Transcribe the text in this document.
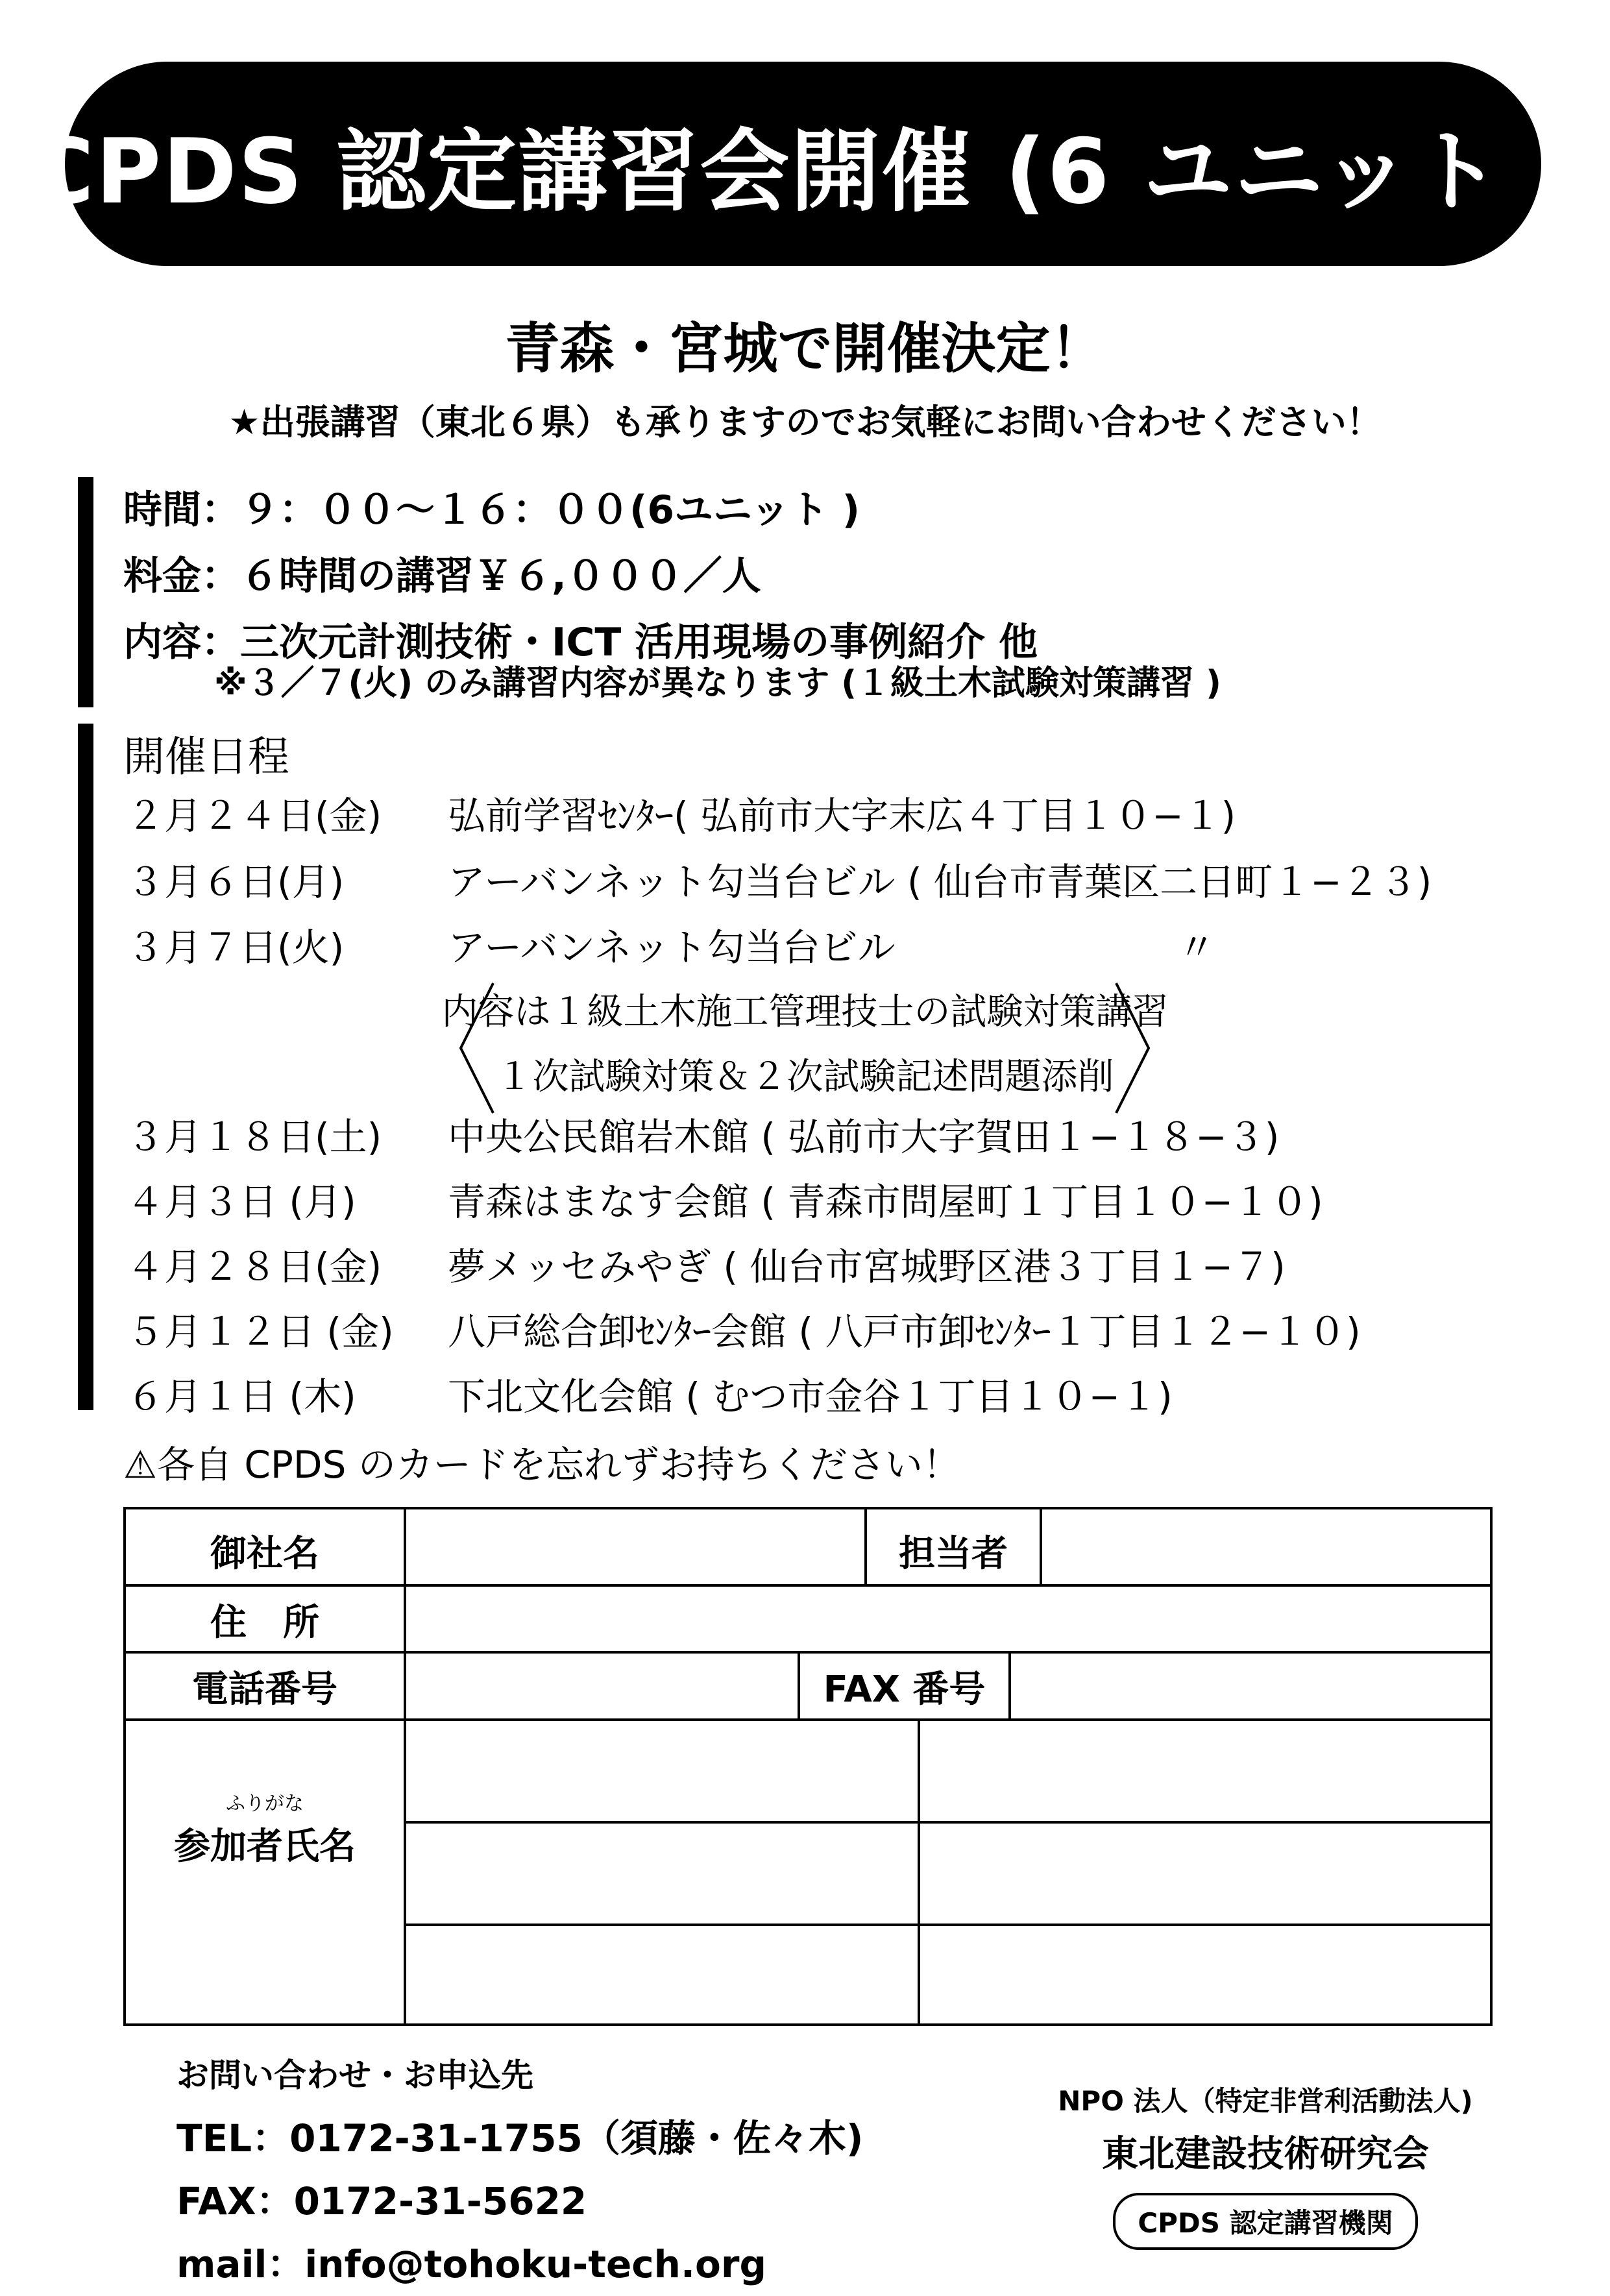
CPDS 認定講習会開催 (6 ユニット )
青森・宮城で開催決定！
★出張講習（東北６県）も承りますのでお気軽にお問い合わせください！
時間：９：００～１６：００(6ユニット )
料金：６時間の講習￥６,０００／人
内容：三次元計測技術・ICT 活用現場の事例紹介 他
※３／７(火) のみ講習内容が異なります (１級土木試験対策講習 )
開催日程
２月２４日(金) 弘前学習ｾﾝﾀｰ( 弘前市大字末広４丁目１０−１)
３月６日(月)	アーバンネット勾当台ビル ( 仙台市青葉区二日町１−２３)
３月７日(火)	アーバンネット勾当台ビル	〃
内容は１級土木施工管理技士の試験対策講習
１次試験対策＆２次試験記述問題添削
３月１８日(土) 中央公民館岩木館 ( 弘前市大字賀田１−１８−３)
４月３日 (月) 青森はまなす会館 ( 青森市問屋町１丁目１０−１０)
４月２８日(金) 夢メッセみやぎ ( 仙台市宮城野区港３丁目１−７)
５月１２日 (金) 八戸総合卸ｾﾝﾀｰ会館 ( 八戸市卸ｾﾝﾀｰ１丁目１２−１０)
６月１日 (木) 下北文化会館 ( むつ市金谷１丁目１０−１)
⚠各自 CPDS のカードを忘れずお持ちください！
御社名	担当者
住　所
電話番号	FAX 番号
ふりがな
参加者氏名
お問い合わせ・お申込先
TEL：0172-31-1755（須藤・佐々木)
FAX：0172-31-5622
mail：info@tohoku-tech.org
NPO 法人（特定非営利活動法人)
東北建設技術研究会
CPDS 認定講習機関
